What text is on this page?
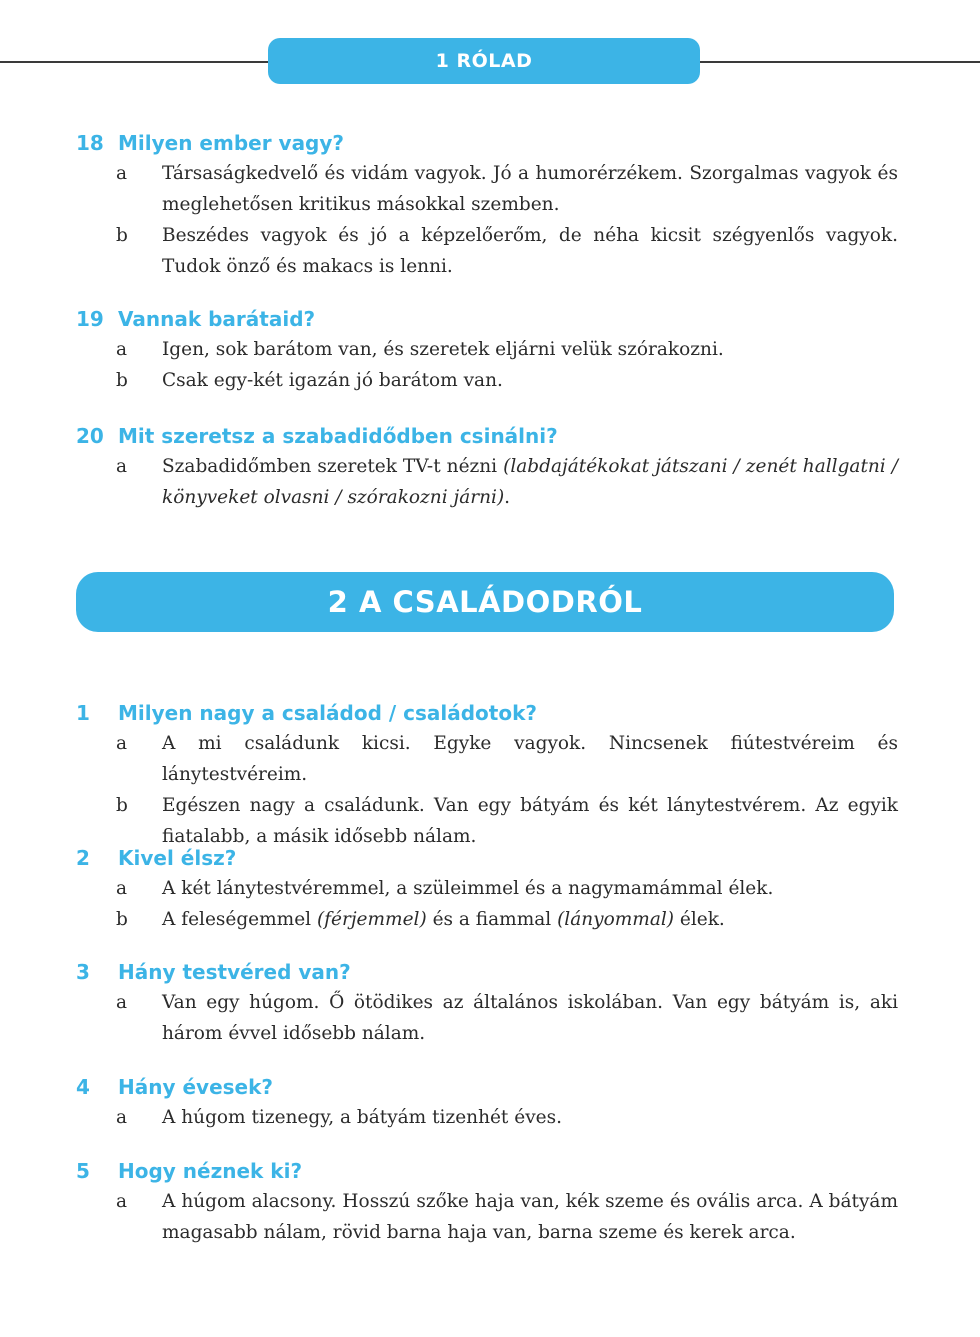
1 RÓLAD
18 Milyen ember vagy?
a	Társaságkedvelő és vidám vagyok. Jó a humorérzékem. Szorgalmas vagyok és meglehetősen kritikus másokkal szemben.
b	Beszédes vagyok és jó a képzelőerőm, de néha kicsit szégyenlős vagyok. Tudok önző és makacs is lenni.
19 Vannak barátaid?
a	Igen, sok barátom van, és szeretek eljárni velük szórakozni.
b	Csak egy-két igazán jó barátom van.
20 Mit szeretsz a szabadidődben csinálni?
a	Szabadidőmben szeretek TV-t nézni (labdajátékokat játszani / zenét hallgatni / könyveket olvasni / szórakozni járni).
2 A CSALÁDODRÓL
1 Milyen nagy a családod / családotok?
a	A mi családunk kicsi. Egyke vagyok. Nincsenek fiútestvéreim és lánytestvéreim.
b	Egészen nagy a családunk. Van egy bátyám és két lánytestvérem. Az egyik fiatalabb, a másik idősebb nálam.
2 Kivel élsz?
a	A két lánytestvéremmel, a szüleimmel és a nagymamámmal élek.
b	A feleségemmel (férjemmel) és a fiammal (lányommal) élek.
3 Hány testvéred van?
a	Van egy húgom. Ő ötödikes az általános iskolában. Van egy bátyám is, aki három évvel idősebb nálam.
4 Hány évesek?
a	A húgom tizenegy, a bátyám tizenhét éves.
5 Hogy néznek ki?
a	A húgom alacsony. Hosszú szőke haja van, kék szeme és ovális arca. A bátyám magasabb nálam, rövid barna haja van, barna szeme és kerek arca.
